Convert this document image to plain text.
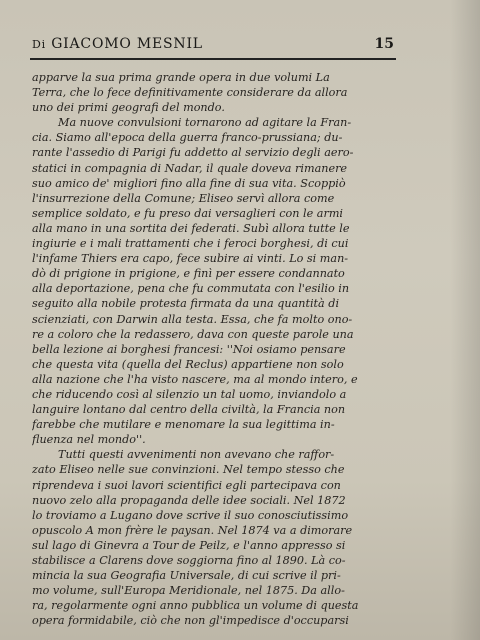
Di GIACOMO MESNIL	15
apparve la sua prima grande opera in due volumi La
Terra, che lo fece definitivamente considerare da allora
uno dei primi geografi del mondo.
Ma nuove convulsioni tornarono ad agitare la Fran-
cia. Siamo all'epoca della guerra franco-prussiana; du-
rante l'assedio di Parigi fu addetto al servizio degli aero-
statici in compagnia di Nadar, il quale doveva rimanere
suo amico de' migliori fino alla fine di sua vita. Scoppiò
l'insurrezione della Comune; Eliseo servì allora come
semplice soldato, e fu preso dai versaglieri con le armi
alla mano in una sortita dei federati. Subì allora tutte le
ingiurie e i mali trattamenti che i feroci borghesi, di cui
l'infame Thiers era capo, fece subire ai vinti. Lo si man-
dò di prigione in prigione, e finì per essere condannato
alla deportazione, pena che fu commutata con l'esilio in
seguito alla nobile protesta firmata da una quantità di
scienziati, con Darwin alla testa. Essa, che fa molto ono-
re a coloro che la redassero, dava con queste parole una
bella lezione ai borghesi francesi: ''Noi osiamo pensare
che questa vita (quella del Reclus) appartiene non solo
alla nazione che l'ha visto nascere, ma al mondo intero, e
che riducendo così al silenzio un tal uomo, inviandolo a
languire lontano dal centro della civiltà, la Francia non
farebbe che mutilare e menomare la sua legittima in-
fluenza nel mondo''.
Tutti questi avvenimenti non avevano che raffor-
zato Eliseo nelle sue convinzioni. Nel tempo stesso che
riprendeva i suoi lavori scientifici egli partecipava con
nuovo zelo alla propaganda delle idee sociali. Nel 1872
lo troviamo a Lugano dove scrive il suo conosciutissimo
opuscolo A mon frère le paysan. Nel 1874 va a dimorare
sul lago di Ginevra a Tour de Peilz, e l'anno appresso si
stabilisce a Clarens dove soggiorna fino al 1890. Là co-
mincia la sua Geografia Universale, di cui scrive il pri-
mo volume, sull'Europa Meridionale, nel 1875. Da allo-
ra, regolarmente ogni anno pubblica un volume di questa
opera formidabile, ciò che non gl'impedisce d'occuparsi
